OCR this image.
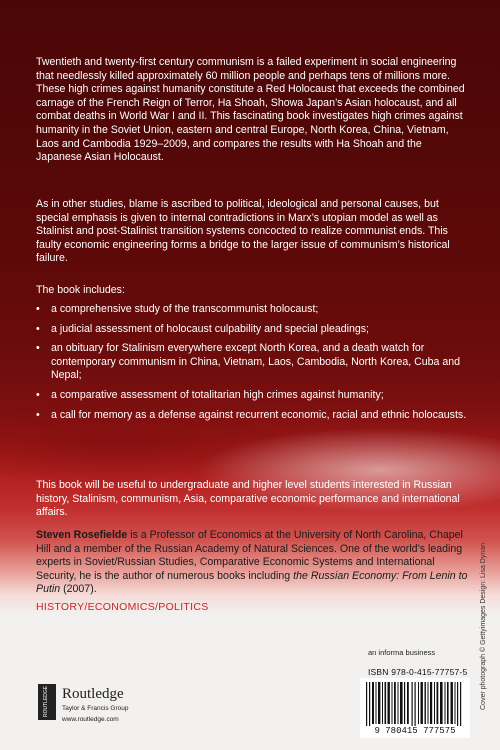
Twentieth and twenty-first century communism is a failed experiment in social engineering that needlessly killed approximately 60 million people and perhaps tens of millions more. These high crimes against humanity constitute a Red Holocaust that exceeds the combined carnage of the French Reign of Terror, Ha Shoah, Showa Japan’s Asian holocaust, and all combat deaths in World War I and II. This fascinating book investigates high crimes against humanity in the Soviet Union, eastern and central Europe, North Korea, China, Vietnam, Laos and Cambodia 1929–2009, and compares the results with Ha Shoah and the Japanese Asian Holocaust.

As in other studies, blame is ascribed to political, ideological and personal causes, but special emphasis is given to internal contradictions in Marx’s utopian model as well as Stalinist and post-Stalinist transition systems concocted to realize communist ends. This faulty economic engineering forms a bridge to the larger issue of communism’s historical failure.

The book includes:

• a comprehensive study of the transcommunist holocaust;
• a judicial assessment of holocaust culpability and special pleadings;
• an obituary for Stalinism everywhere except North Korea, and a death watch for contemporary communism in China, Vietnam, Laos, Cambodia, North Korea, Cuba and Nepal;
• a comparative assessment of totalitarian high crimes against humanity;
• a call for memory as a defense against recurrent economic, racial and ethnic holocausts.

This book will be useful to undergraduate and higher level students interested in Russian history, Stalinism, communism, Asia, comparative economic performance and international affairs.

Steven Rosefielde is a Professor of Economics at the University of North Carolina, Chapel Hill and a member of the Russian Academy of Natural Sciences. One of the world’s leading experts in Soviet/Russian Studies, Comparative Economic Systems and International Security, he is the author of numerous books including the Russian Economy: From Lenin to Putin (2007).

HISTORY/ECONOMICS/POLITICS
an informa business
ISBN 978-0-415-77757-5
9 780415 777575
Cover photograph © Gettyimages Design: Lisa Dynan
ROUTLEDGE Routledge
Taylor & Francis Group
www.routledge.com
